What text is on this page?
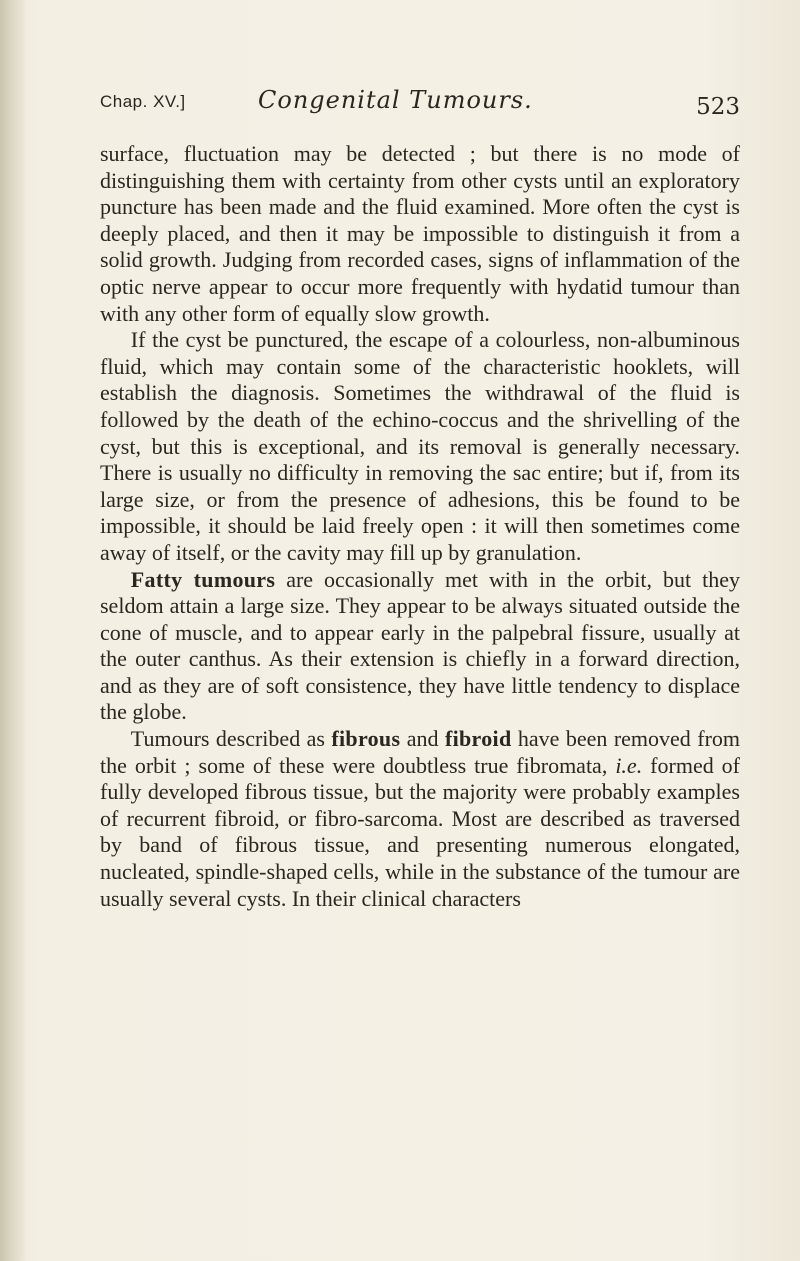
Chap. XV.]	Congenital Tumours.	523

surface, fluctuation may be detected ; but there is no mode of distinguishing them with certainty from other cysts until an exploratory puncture has been made and the fluid examined. More often the cyst is deeply placed, and then it may be impossible to distinguish it from a solid growth. Judging from recorded cases, signs of inflammation of the optic nerve appear to occur more frequently with hydatid tumour than with any other form of equally slow growth.

If the cyst be punctured, the escape of a colourless, non-albuminous fluid, which may contain some of the characteristic hooklets, will establish the diagnosis. Sometimes the withdrawal of the fluid is followed by the death of the echino-coccus and the shrivelling of the cyst, but this is exceptional, and its removal is generally necessary. There is usually no difficulty in removing the sac entire; but if, from its large size, or from the presence of adhesions, this be found to be impossible, it should be laid freely open : it will then sometimes come away of itself, or the cavity may fill up by granulation.

Fatty tumours are occasionally met with in the orbit, but they seldom attain a large size. They appear to be always situated outside the cone of muscle, and to appear early in the palpebral fissure, usually at the outer canthus. As their extension is chiefly in a forward direction, and as they are of soft consistence, they have little tendency to displace the globe.

Tumours described as fibrous and fibroid have been removed from the orbit ; some of these were doubtless true fibromata, i.e. formed of fully developed fibrous tissue, but the majority were probably examples of recurrent fibroid, or fibro-sarcoma. Most are described as traversed by band of fibrous tissue, and presenting numerous elongated, nucleated, spindle-shaped cells, while in the substance of the tumour are usually several cysts. In their clinical characters
